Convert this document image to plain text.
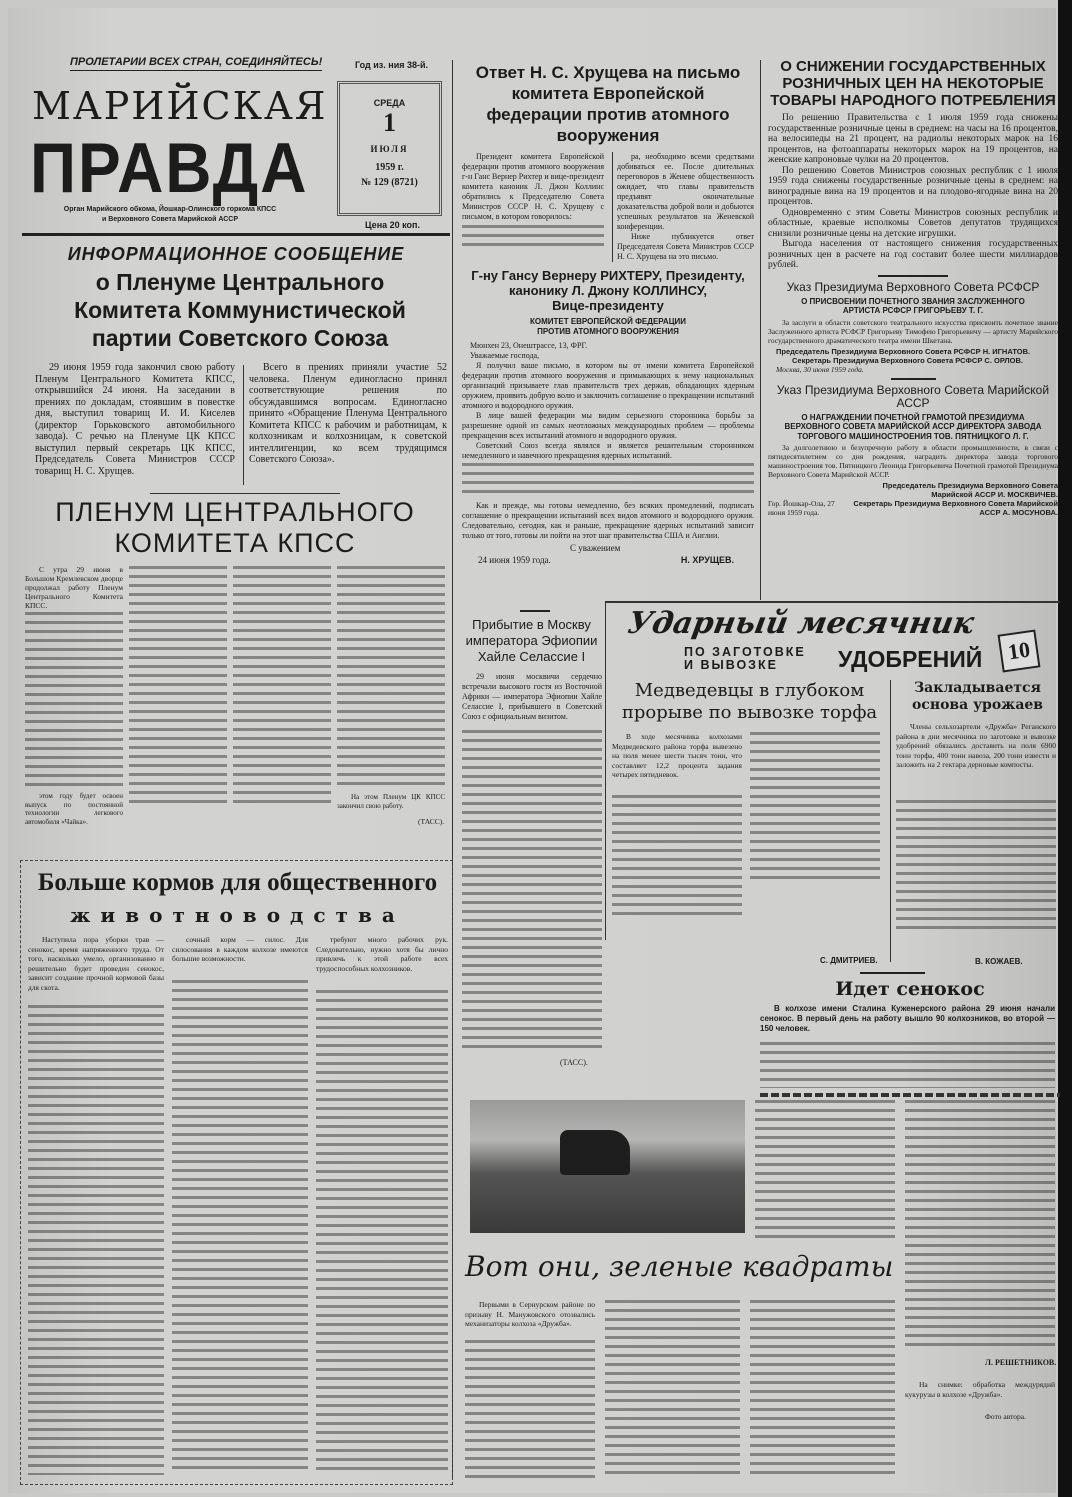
ПРОЛЕТАРИИ ВСЕХ СТРАН, СОЕДИНЯЙТЕСЬ!	Год из. ния 38-й.
МАРИЙСКАЯ
ПРАВДА
Орган Марийского обкома, Йошкар-Олинского горкома КПСС
и Верховного Совета Марийской АССР
СРЕДА
1
ИЮЛЯ
1959 г.
№ 129 (8721)
Цена 20 коп.
Ответ Н. С. Хрущева на письмо комитета Европейской федерации против атомного вооружения
Президент комитета Европейской федерации против атомного вооружения г-н Ганс Вернер Рихтер и вице-президент комитета каноник Л. Джон Коллинс обратились к Председателю Совета Министров СССР Н. С. Хрущеву с письмом, в котором говорилось:
ра, необходимо всеми средствами добиваться ее. После длительных переговоров в Женеве общественность ожидает, что главы правительств предъявят окончательные доказательства доброй воли и добьются успешных результатов на Женевской конференции.
Ниже публикуется ответ Председателя Совета Министров СССР Н. С. Хрущева на это письмо.
Г-ну Гансу Вернеру РИХТЕРУ, Президенту,
канонику Л. Джону КОЛЛИНСУ,
Вице-президенту
КОМИТЕТ ЕВРОПЕЙСКОЙ ФЕДЕРАЦИИ ПРОТИВ АТОМНОГО ВООРУЖЕНИЯ
Мюнхен 23, Онештрассе, 13, ФРГ.
Уважаемые господа,
Я получил ваше письмо, в котором вы от имени комитета Европейской федерации против атомного вооружения и примыкающих к нему национальных организаций призываете глав правительств трех держав, обладающих ядерным оружием, проявить добрую волю и заключить соглашение о прекращении испытаний атомного и водородного оружия.
В лице вашей федерации мы видим серьезного сторонника борьбы за разрешение одной из самых неотложных международных проблем — проблемы прекращения всех испытаний атомного и водородного оружия.
Советский Союз всегда являлся и является решительным сторонником немедленного и навечного прекращения ядерных испытаний.
Как и прежде, мы готовы немедленно, без всяких промедлений, подписать соглашение о прекращении испытаний всех видов атомного и водородного оружия. Следовательно, сегодня, как и раньше, прекращение ядерных испытаний зависит только от того, готовы ли пойти на этот шаг правительства США и Англии.
С уважением
24 июня 1959 года.	Н. ХРУЩЕВ.
О СНИЖЕНИИ ГОСУДАРСТВЕННЫХ РОЗНИЧНЫХ ЦЕН НА НЕКОТОРЫЕ ТОВАРЫ НАРОДНОГО ПОТРЕБЛЕНИЯ
По решению Правительства с 1 июля 1959 года снижены государственные розничные цены в среднем: на часы на 16 процентов, на велосипеды на 21 процент, на радиолы некоторых марок на 16 процентов, на фотоаппараты некоторых марок на 19 процентов, на женские капроновые чулки на 20 процентов.
По решению Советов Министров союзных республик с 1 июля 1959 года снижены государственные розничные цены в среднем: на виноградные вина на 19 процентов и на плодово-ягодные вина на 20 процентов.
Одновременно с этим Советы Министров союзных республик и областные, краевые исполкомы Советов депутатов трудящихся снизили розничные цены на детские игрушки.
Выгода населения от настоящего снижения государственных розничных цен в расчете на год составит более шести миллиардов рублей.
Указ Президиума Верховного Совета РСФСР
О ПРИСВОЕНИИ ПОЧЕТНОГО ЗВАНИЯ ЗАСЛУЖЕННОГО АРТИСТА РСФСР ГРИГОРЬЕВУ Т. Г.
За заслуги в области советского театрального искусства присвоить почетное звание Заслуженного артиста РСФСР Григорьеву Тимофею Григорьевичу — артисту Марийского государственного драматического театра имени Шкетана.
Председатель Президиума Верховного Совета РСФСР Н. ИГНАТОВ.
Секретарь Президиума Верховного Совета РСФСР С. ОРЛОВ.
Москва, 30 июня 1959 года.
Указ Президиума Верховного Совета Марийской АССР
О НАГРАЖДЕНИИ ПОЧЕТНОЙ ГРАМОТОЙ ПРЕЗИДИУМА ВЕРХОВНОГО СОВЕТА МАРИЙСКОЙ АССР ДИРЕКТОРА ЗАВОДА ТОРГОВОГО МАШИНОСТРОЕНИЯ ТОВ. ПЯТНИЦКОГО Л. Г.
За долголетнюю и безупречную работу в области промышленности, в связи с пятидесятилетием со дня рождения, наградить директора завода торгового машиностроения тов. Пятницкого Леонида Григорьевича Почетной грамотой Президиума Верховного Совета Марийской АССР.
Гор. Йошкар-Ола, 27 июня 1959 года.
Председатель Президиума Верховного Совета Марийской АССР И. МОСКВИЧЕВ.
Секретарь Президиума Верховного Совета Марийской АССР А. МОСУНОВА.
ИНФОРМАЦИОННОЕ СООБЩЕНИЕ
о Пленуме Центрального Комитета Коммунистической партии Советского Союза
29 июня 1959 года закончил свою работу Пленум Центрального Комитета КПСС, открывшийся 24 июня. На заседании в прениях по докладам, стоявшим в повестке дня, выступил товарищ И. И. Киселев (директор Горьковского автомобильного завода). С речью на Пленуме ЦК КПСС выступил первый секретарь ЦК КПСС, Председатель Совета Министров СССР товарищ Н. С. Хрущев.
Всего в прениях приняли участие 52 человека. Пленум единогласно принял соответствующие решения по обсуждавшимся вопросам. Единогласно принято «Обращение Пленума Центрального Комитета КПСС к рабочим и работницам, к колхозникам и колхозницам, к советской интеллигенции, ко всем трудящимся Советского Союза».
ПЛЕНУМ ЦЕНТРАЛЬНОГО КОМИТЕТА КПСС
С утра 29 июня в Большом Кремлевском дворце продолжал работу Пленум Центрального Комитета КПСС.
этом году будет освоен выпуск по постоянной технологии легкового автомобиля «Чайка».
На этом Пленум ЦК КПСС закончил свою работу.
(ТАСС).
Прибытие в Москву императора Эфиопии Хайле Селассие I
29 июня москвичи сердечно встречали высокого гостя из Восточной Африки — императора Эфиопии Хайле Селассие I, прибывшего в Советский Союз с официальным визитом.
(ТАСС).
Ударный месячник
ПО ЗАГОТОВКЕ
И ВЫВОЗКЕ	УДОБРЕНИЙ	10
Медведевцы в глубоком прорыве по вывозке торфа
В ходе месячника колхозами Медведевского района торфа вывезено на поля менее шести тысяч тонн, что составляет 12,2 процента задания четырех пятидневок.
С. ДМИТРИЕВ.
Закладывается основа урожаев
Члены сельхозартели «Дружба» Реганского района в дни месячника по заготовке и вывозке удобрений обязались доставить на поля 6900 тонн торфа, 400 тонн навоза, 200 тонн извести и заложить на 2 гектара дерновые компосты.
В. КОЖАЕВ.
Идет сенокос
В колхозе имени Сталина Куженерского района 29 июня начали сенокос. В первый день на работу вышло 90 колхозников, во второй — 150 человек.
Больше кормов для общественного
животноводства
Наступила пора уборки трав — сенокос, время напряженного труда. От того, насколько умело, организованно и решительно будет проведен сенокос, зависит создание прочной кормовой базы для скота.
сочный корм — силос. Для силосования в каждом колхозе имеются большие возможности.
требуют много рабочих рук. Следовательно, нужно хотя бы лично привлечь к этой работе всех трудоспособных колхозников.
Вот они, зеленые квадраты
Первыми в Сернурском районе по призыву Н. Манужовского отозвались механизаторы колхоза «Дружба».
Л. РЕШЕТНИКОВ.
На снимке: обработка междурядий кукурузы в колхозе «Дружба».
Фото автора.
